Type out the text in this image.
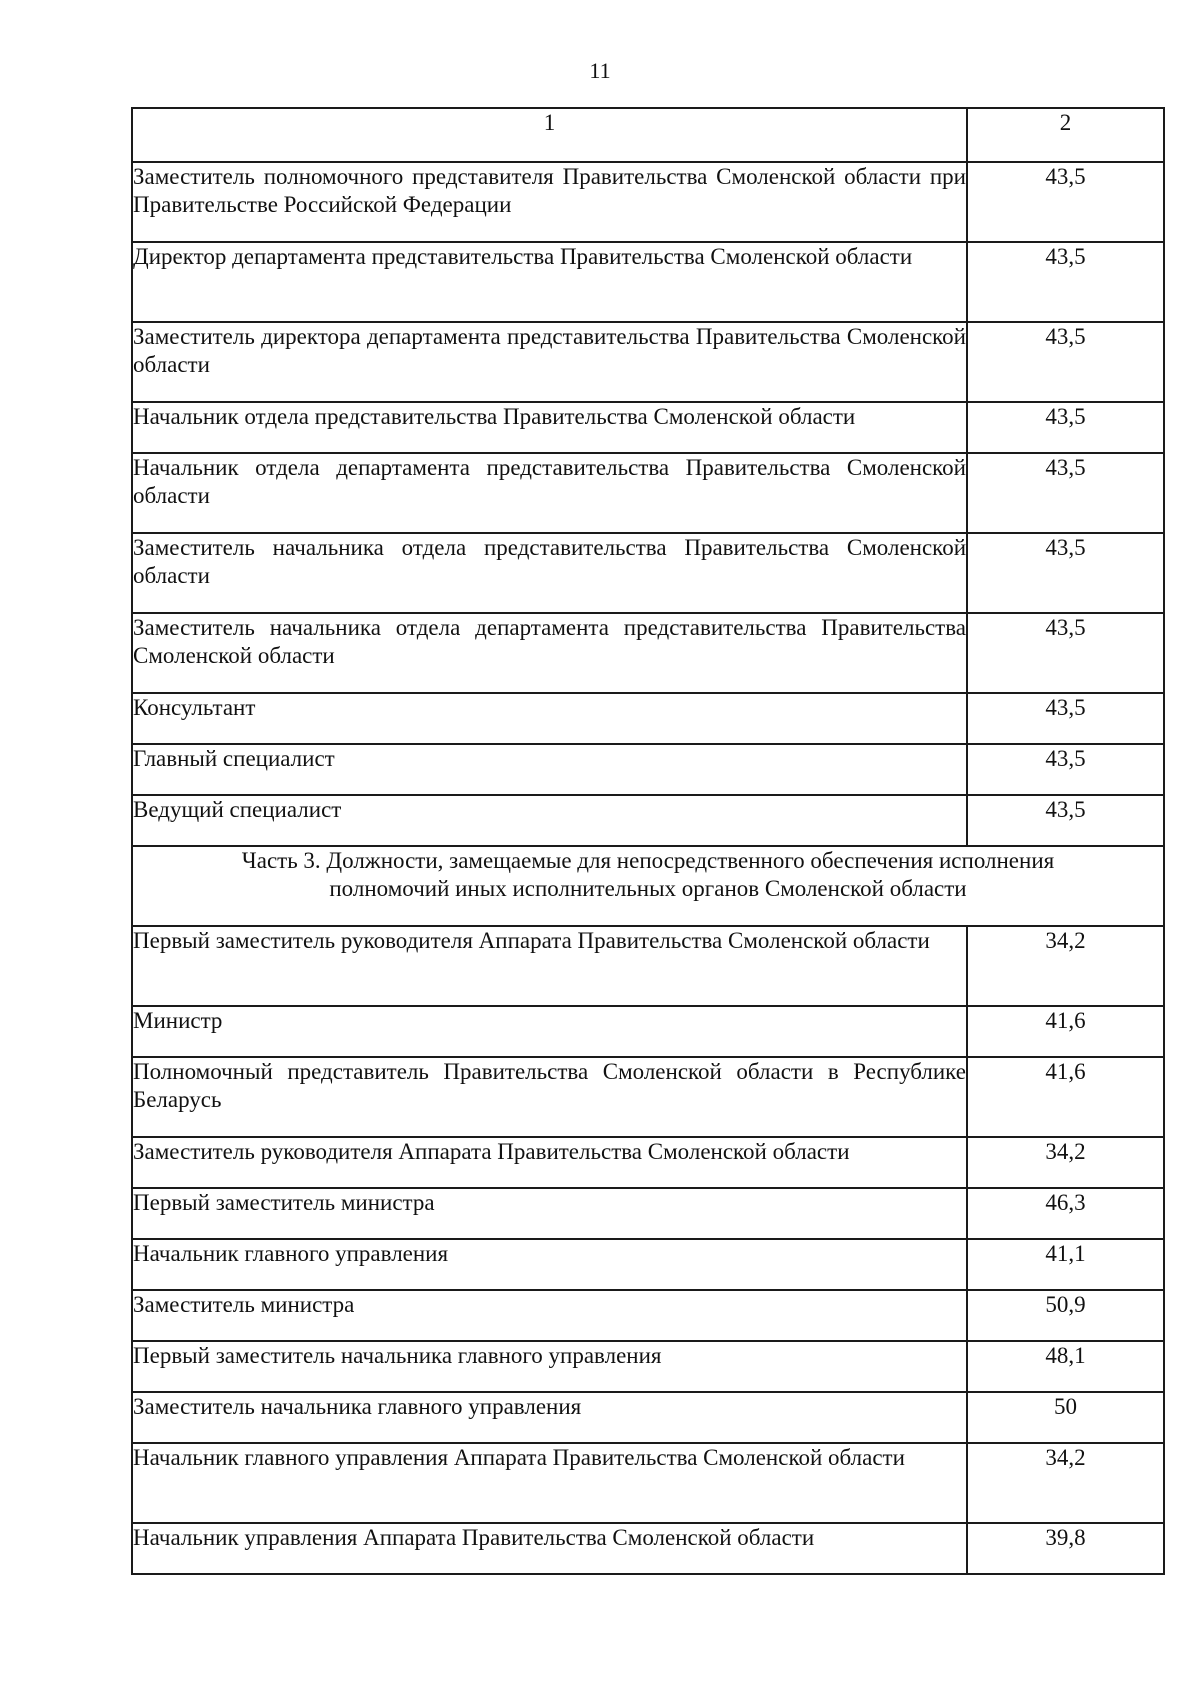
11
1	2
Заместитель полномочного представителя Правительства Смоленской области при Правительстве Российской Федерации	43,5
Директор департамента представительства Правительства Смоленской области	43,5
Заместитель директора департамента представительства Правительства Смоленской области	43,5
Начальник отдела представительства Правительства Смоленской области	43,5
Начальник отдела департамента представительства Правительства Смоленской области	43,5
Заместитель начальника отдела представительства Правительства Смоленской области	43,5
Заместитель начальника отдела департамента представительства Правительства Смоленской области	43,5
Консультант	43,5
Главный специалист	43,5
Ведущий специалист	43,5

Часть 3. Должности, замещаемые для непосредственного обеспечения исполнения
полномочий иных исполнительных органов Смоленской области	

Первый заместитель руководителя Аппарата Правительства Смоленской области	34,2
Министр	41,6
Полномочный представитель Правительства Смоленской области в Республике Беларусь	41,6
Заместитель руководителя Аппарата Правительства Смоленской области	34,2
Первый заместитель министра	46,3
Начальник главного управления	41,1
Заместитель министра	50,9
Первый заместитель начальника главного управления	48,1
Заместитель начальника главного управления	50
Начальник главного управления Аппарата Правительства Смоленской области	34,2
Начальник управления Аппарата Правительства Смоленской области	39,8
